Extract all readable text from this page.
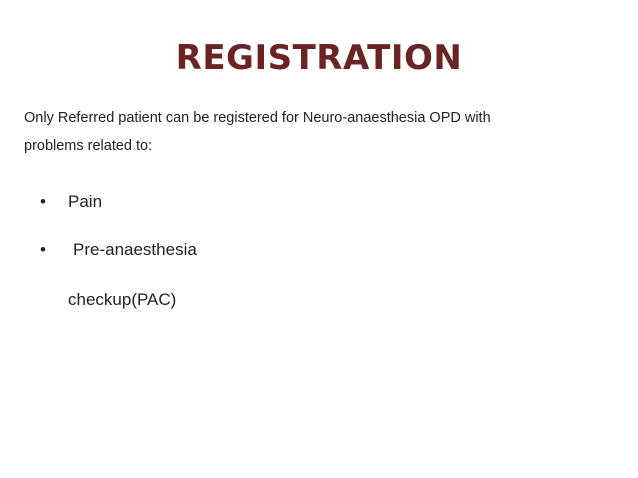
REGISTRATION
Only Referred patient can be registered for Neuro-anaesthesia OPD with
problems related to:
• Pain
• Pre-anaesthesia
checkup(PAC)
